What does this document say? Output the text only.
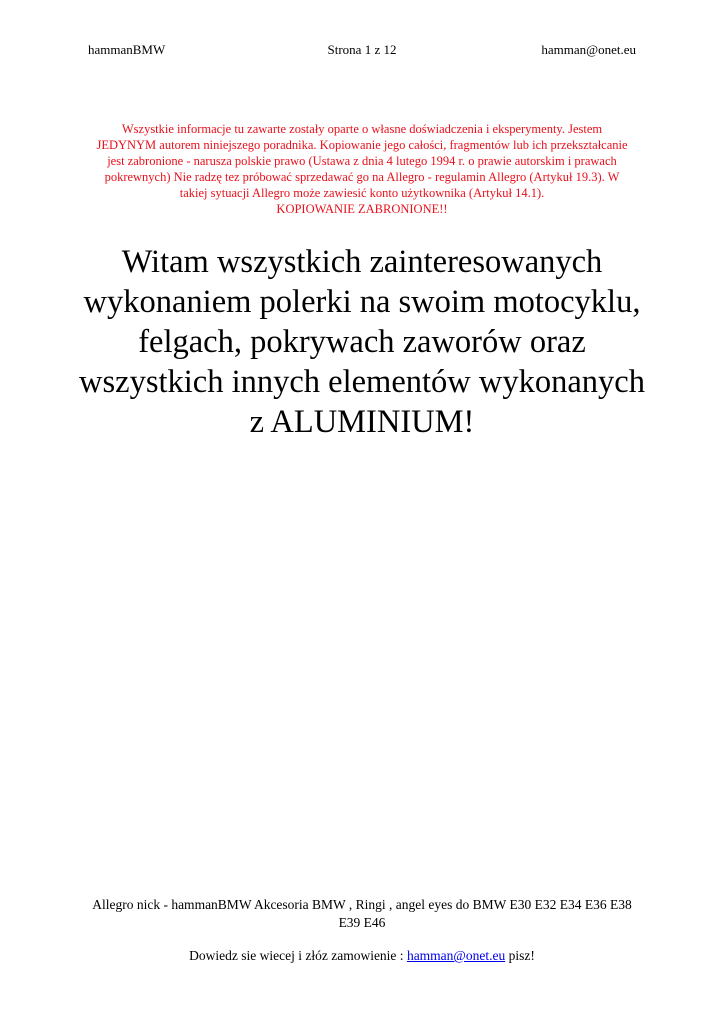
hammanBMW	Strona 1 z 12	hamman@onet.eu

Wszystkie informacje tu zawarte zostały oparte o własne doświadczenia i eksperymenty. Jestem JEDYNYM autorem niniejszego poradnika. Kopiowanie jego całości, fragmentów lub ich przekształcanie jest zabronione - narusza polskie prawo (Ustawa z dnia 4 lutego 1994 r. o prawie autorskim i prawach pokrewnych) Nie radzę tez próbować sprzedawać go na Allegro - regulamin Allegro (Artykuł 19.3). W takiej sytuacji Allegro może zawiesić konto użytkownika (Artykuł 14.1).

KOPIOWANIE ZABRONIONE!!

Witam wszystkich zainteresowanych wykonaniem polerki na swoim motocyklu, felgach, pokrywach zaworów oraz wszystkich innych elementów wykonanych z ALUMINIUM!
Allegro nick - hammanBMW Akcesoria BMW , Ringi , angel eyes do BMW E30 E32 E34 E36 E38 E39 E46
Dowiedz sie wiecej i złóz zamowienie : hamman@onet.eu pisz!
